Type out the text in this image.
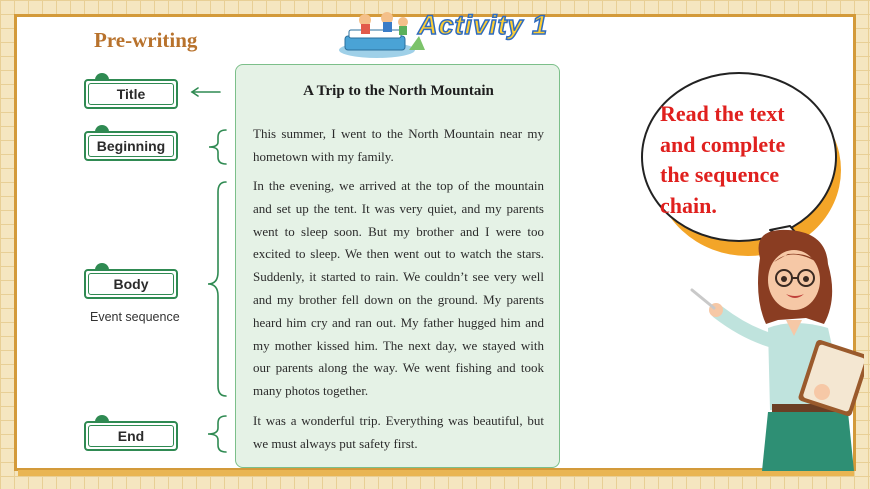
Activity 1
Pre-writing
Title
Beginning
Body
Event sequence
End
A Trip to the North Mountain
This summer, I went to the North Mountain near my hometown with my family.
In the evening, we arrived at the top of the mountain and set up the tent. It was very quiet, and my parents went to sleep soon. But my brother and I were too excited to sleep. We then went out to watch the stars. Suddenly, it started to rain. We couldn’t see very well and my brother fell down on the ground. My parents heard him cry and ran out. My father hugged him and my mother kissed him. The next day, we stayed with our parents along the way. We went fishing and took many photos together.
It was a wonderful trip. Everything was beautiful, but we must always put safety first.
Read the text and complete the sequence chain.
